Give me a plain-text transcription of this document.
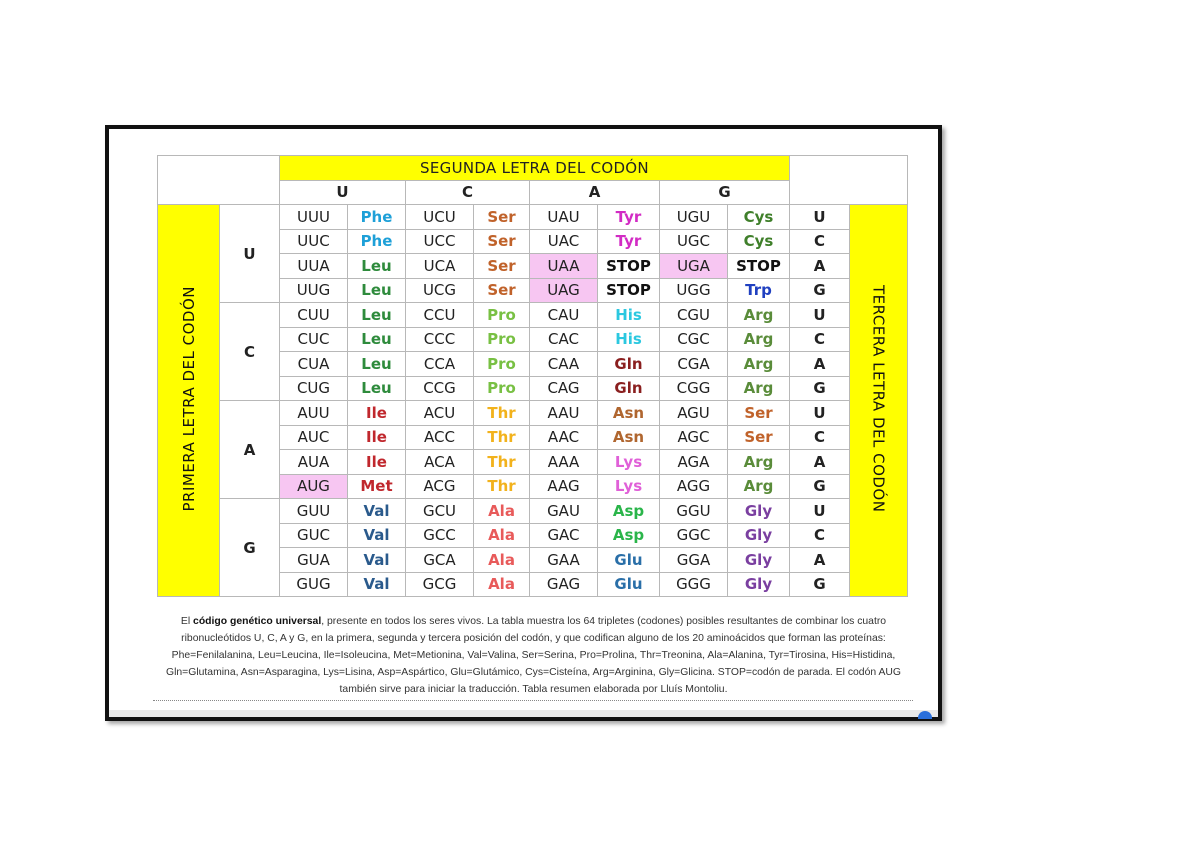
		SEGUNDA LETRA DEL CODÓN									
		U		C		A		G			
PRIMERA LETRA DEL CODÓN	U	UUU	Phe	UCU	Ser	UAU	Tyr	UGU	Cys	U	TERCERA LETRA DEL CODÓN
		UUC	Phe	UCC	Ser	UAC	Tyr	UGC	Cys	C	
		UUA	Leu	UCA	Ser	UAA	STOP	UGA	STOP	A	
		UUG	Leu	UCG	Ser	UAG	STOP	UGG	Trp	G	
	C	CUU	Leu	CCU	Pro	CAU	His	CGU	Arg	U	
		CUC	Leu	CCC	Pro	CAC	His	CGC	Arg	C	
		CUA	Leu	CCA	Pro	CAA	Gln	CGA	Arg	A	
		CUG	Leu	CCG	Pro	CAG	Gln	CGG	Arg	G	
	A	AUU	Ile	ACU	Thr	AAU	Asn	AGU	Ser	U	
		AUC	Ile	ACC	Thr	AAC	Asn	AGC	Ser	C	
		AUA	Ile	ACA	Thr	AAA	Lys	AGA	Arg	A	
		AUG	Met	ACG	Thr	AAG	Lys	AGG	Arg	G	
	G	GUU	Val	GCU	Ala	GAU	Asp	GGU	Gly	U	
		GUC	Val	GCC	Ala	GAC	Asp	GGC	Gly	C	
		GUA	Val	GCA	Ala	GAA	Glu	GGA	Gly	A	
		GUG	Val	GCG	Ala	GAG	Glu	GGG	Gly	G	
El código genético universal, presente en todos los seres vivos. La tabla muestra los 64 tripletes (codones) posibles resultantes de combinar los cuatro ribonucleótidos U, C, A y G, en la primera, segunda y tercera posición del codón, y que codifican alguno de los 20 aminoácidos que forman las proteínas: Phe=Fenilalanina, Leu=Leucina, Ile=Isoleucina, Met=Metionina, Val=Valina, Ser=Serina, Pro=Prolina, Thr=Treonina, Ala=Alanina, Tyr=Tirosina, His=Histidina, Gln=Glutamina, Asn=Asparagina, Lys=Lisina, Asp=Aspártico, Glu=Glutámico, Cys=Cisteína, Arg=Arginina, Gly=Glicina. STOP=codón de parada. El codón AUG también sirve para iniciar la traducción. Tabla resumen elaborada por Lluís Montoliu.
